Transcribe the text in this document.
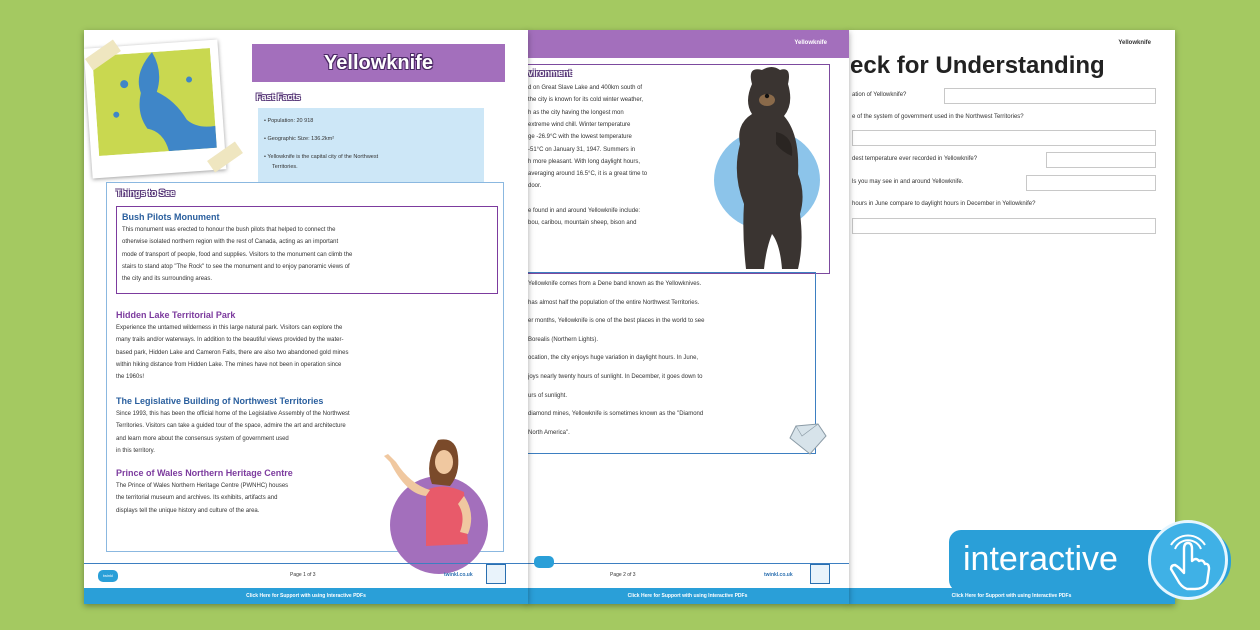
Yellowknife
eck for Understanding
ation of Yellowknife?
e of the system of government used in the Northwest Territories?
dest temperature ever recorded in Yellowknife?
ls you may see in and around Yellowknife.
hours in June compare to daylight hours in December in Yellowknife?
Click Here for Support with using Interactive PDFs
Yellowknife
vironment
d on Great Slave Lake and 400km south of
the city is known for its cold winter weather,
h as the city having the longest mon
extreme wind chill. Winter temperature
ge -26.9°C with the lowest temperature
-51°C on January 31, 1947. Summers in
h more pleasant. With long daylight hours,
averaging around 16.5°C, it is a great time to
door.
e found in and around Yellowknife include:
bou, caribou, mountain sheep, bison and
Yellowknife comes from a Dene band known as the Yellowknives.
has almost half the population of the entire Northwest Territories.
er months, Yellowknife is one of the best places in the world to see
Borealis (Northern Lights).
ocation, the city enjoys huge variation in daylight hours. In June,
joys nearly twenty hours of sunlight. In December, it goes down to
urs of sunlight.
diamond mines, Yellowknife is sometimes known as the "Diamond
North America".
Page 2 of 3	twinkl.co.uk
Click Here for Support with using Interactive PDFs
Yellowknife
Fast Facts
• Population: 20 918
• Geographic Size: 136.2km²
• Yellowknife is the capital city of the Northwest
Territories.
Things to See
Bush Pilots Monument
This monument was erected to honour the bush pilots that helped to connect the
otherwise isolated northern region with the rest of Canada, acting as an important
mode of transport of people, food and supplies. Visitors to the monument can climb the
stairs to stand atop "The Rock" to see the monument and to enjoy panoramic views of
the city and its surrounding areas.
Hidden Lake Territorial Park
Experience the untamed wilderness in this large natural park. Visitors can explore the
many trails and/or waterways. In addition to the beautiful views provided by the water-
based park, Hidden Lake and Cameron Falls, there are also two abandoned gold mines
within hiking distance from Hidden Lake. The mines have not been in operation since
the 1960s!
The Legislative Building of Northwest Territories
Since 1993, this has been the official home of the Legislative Assembly of the Northwest
Territories. Visitors can take a guided tour of the space, admire the art and architecture
and learn more about the consensus system of government used
in this territory.
Prince of Wales Northern Heritage Centre
The Prince of Wales Northern Heritage Centre (PWNHC) houses
the territorial museum and archives. Its exhibits, artifacts and
displays tell the unique history and culture of the area.
twinkl	Page 1 of 3	twinkl.co.uk
Click Here for Support with using Interactive PDFs
interactive
